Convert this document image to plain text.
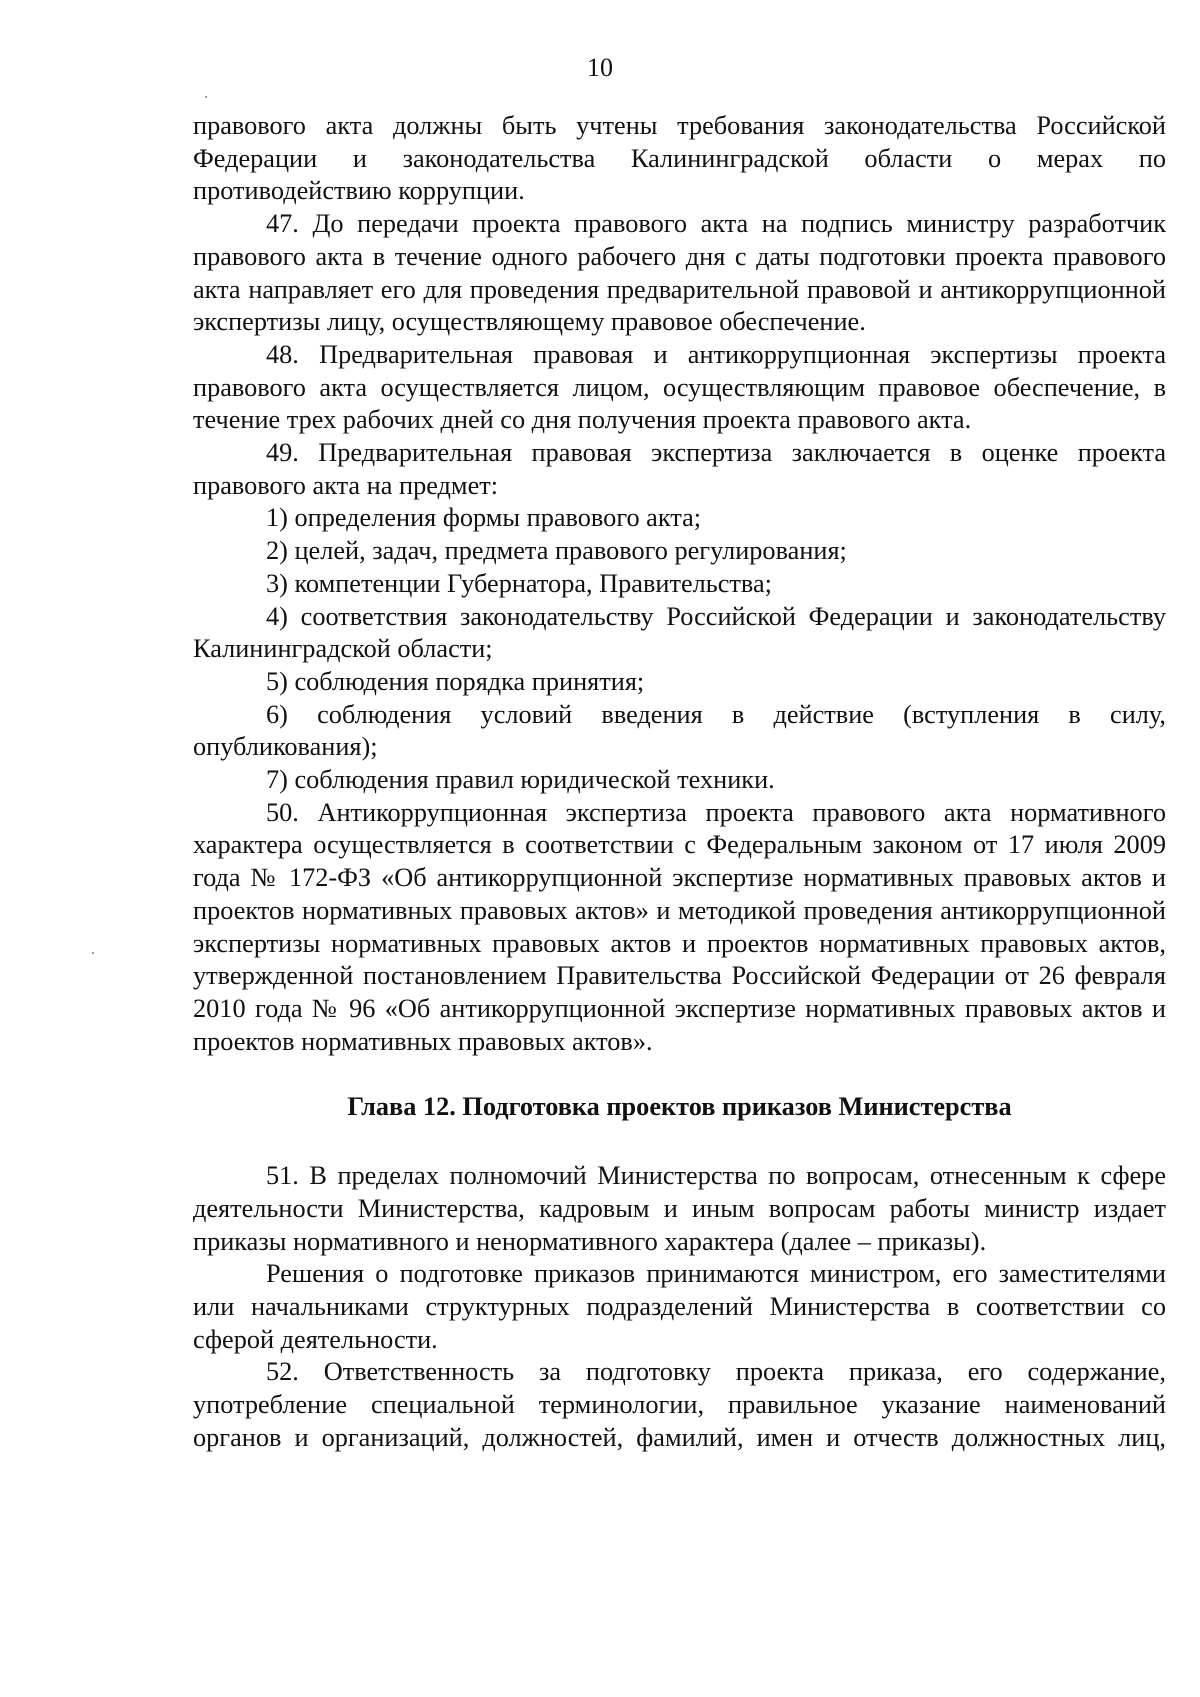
10

правового акта должны быть учтены требования законодательства Российской Федерации и законодательства Калининградской области о мерах по противодействию коррупции.

47. До передачи проекта правового акта на подпись министру разработчик правового акта в течение одного рабочего дня с даты подготовки проекта правового акта направляет его для проведения предварительной правовой и антикоррупционной экспертизы лицу, осуществляющему правовое обеспечение.

48. Предварительная правовая и антикоррупционная экспертизы проекта правового акта осуществляется лицом, осуществляющим правовое обеспечение, в течение трех рабочих дней со дня получения проекта правового акта.

49. Предварительная правовая экспертиза заключается в оценке проекта правового акта на предмет:

1) определения формы правового акта;

2) целей, задач, предмета правового регулирования;

3) компетенции Губернатора, Правительства;

4) соответствия законодательству Российской Федерации и законодательству Калининградской области;

5) соблюдения порядка принятия;

6) соблюдения условий введения в действие (вступления в силу, опубликования);

7) соблюдения правил юридической техники.

50. Антикоррупционная экспертиза проекта правового акта нормативного характера осуществляется в соответствии с Федеральным законом от 17 июля 2009 года № 172-ФЗ «Об антикоррупционной экспертизе нормативных правовых актов и проектов нормативных правовых актов» и методикой проведения антикоррупционной экспертизы нормативных правовых актов и проектов нормативных правовых актов, утвержденной постановлением Правительства Российской Федерации от 26 февраля 2010 года № 96 «Об антикоррупционной экспертизе нормативных правовых актов и проектов нормативных правовых актов».

Глава 12. Подготовка проектов приказов Министерства

51. В пределах полномочий Министерства по вопросам, отнесенным к сфере деятельности Министерства, кадровым и иным вопросам работы министр издает приказы нормативного и ненормативного характера (далее – приказы).

Решения о подготовке приказов принимаются министром, его заместителями или начальниками структурных подразделений Министерства в соответствии со сферой деятельности.

52. Ответственность за подготовку проекта приказа, его содержание, употребление специальной терминологии, правильное указание наименований органов и организаций, должностей, фамилий, имен и отчеств должностных лиц,
